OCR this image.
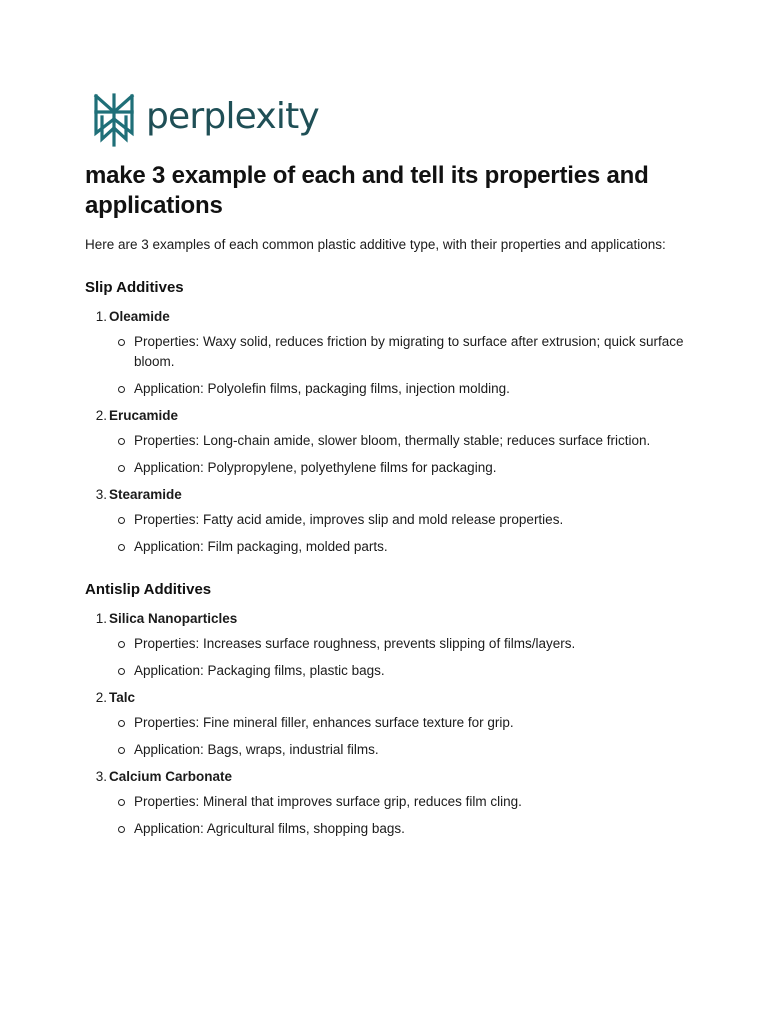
perplexity
make 3 example of each and tell its properties and applications

Here are 3 examples of each common plastic additive type, with their properties and applications:

Slip Additives
1. Oleamide
Properties: Waxy solid, reduces friction by migrating to surface after extrusion; quick surface bloom.
Application: Polyolefin films, packaging films, injection molding.
2. Erucamide
Properties: Long-chain amide, slower bloom, thermally stable; reduces surface friction.
Application: Polypropylene, polyethylene films for packaging.
3. Stearamide
Properties: Fatty acid amide, improves slip and mold release properties.
Application: Film packaging, molded parts.
Antislip Additives
1. Silica Nanoparticles
Properties: Increases surface roughness, prevents slipping of films/layers.
Application: Packaging films, plastic bags.
2. Talc
Properties: Fine mineral filler, enhances surface texture for grip.
Application: Bags, wraps, industrial films.
3. Calcium Carbonate
Properties: Mineral that improves surface grip, reduces film cling.
Application: Agricultural films, shopping bags.
